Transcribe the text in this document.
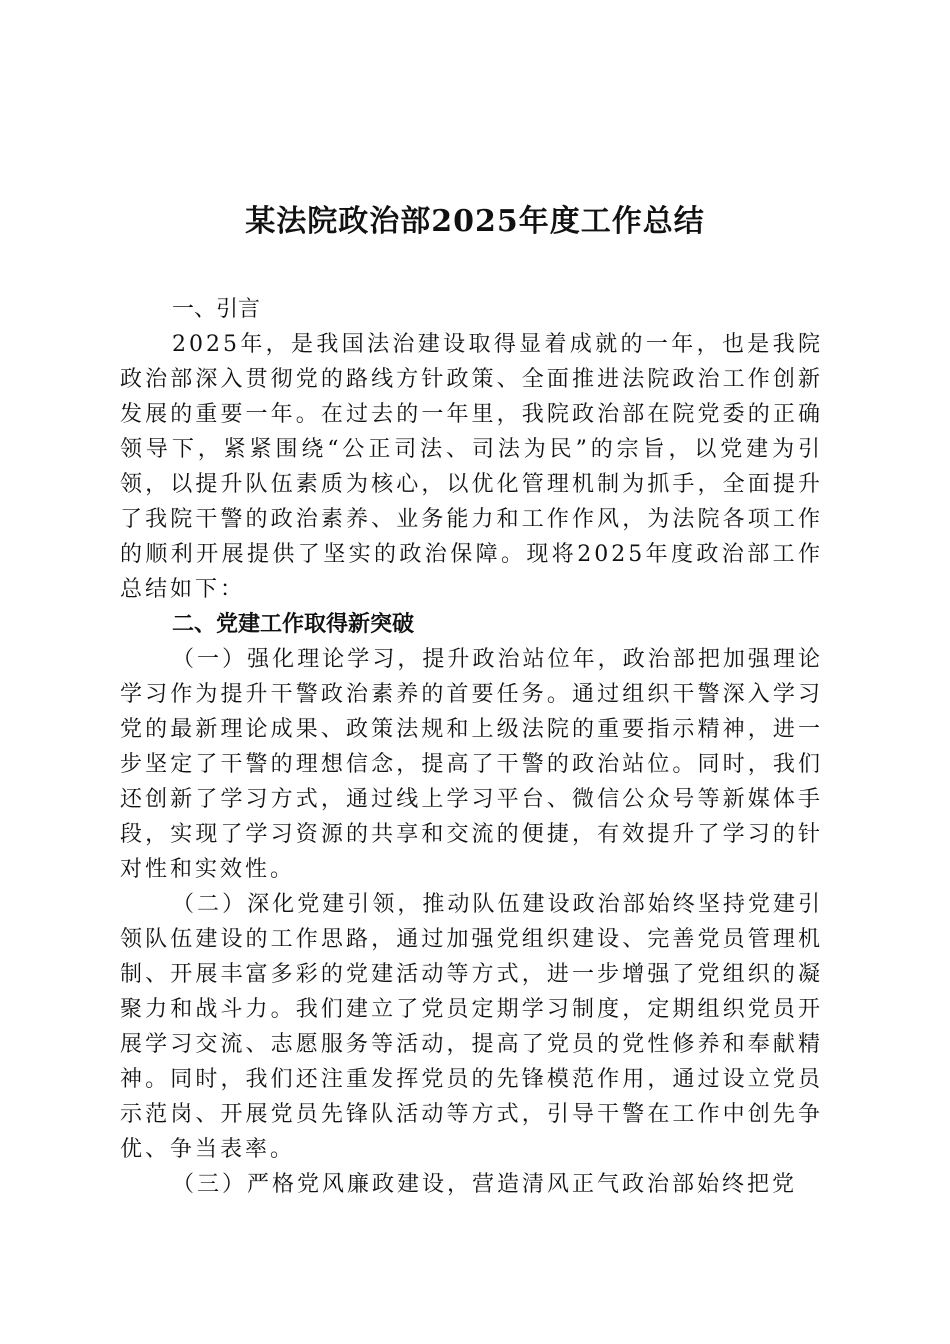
某法院政治部2025年度工作总结
一、引言

2025年，是我国法治建设取得显着成就的一年，也是我院政治部深入贯彻党的路线方针政策、全面推进法院政治工作创新发展的重要一年。在过去的一年里，我院政治部在院党委的正确领导下，紧紧围绕“公正司法、司法为民”的宗旨，以党建为引领，以提升队伍素质为核心，以优化管理机制为抓手，全面提升了我院干警的政治素养、业务能力和工作作风，为法院各项工作的顺利开展提供了坚实的政治保障。现将2025年度政治部工作总结如下：

二、党建工作取得新突破

（一）强化理论学习，提升政治站位年，政治部把加强理论学习作为提升干警政治素养的首要任务。通过组织干警深入学习党的最新理论成果、政策法规和上级法院的重要指示精神，进一步坚定了干警的理想信念，提高了干警的政治站位。同时，我们还创新了学习方式，通过线上学习平台、微信公众号等新媒体手段，实现了学习资源的共享和交流的便捷，有效提升了学习的针对性和实效性。

（二）深化党建引领，推动队伍建设政治部始终坚持党建引领队伍建设的工作思路，通过加强党组织建设、完善党员管理机制、开展丰富多彩的党建活动等方式，进一步增强了党组织的凝聚力和战斗力。我们建立了党员定期学习制度，定期组织党员开展学习交流、志愿服务等活动，提高了党员的党性修养和奉献精神。同时，我们还注重发挥党员的先锋模范作用，通过设立党员示范岗、开展党员先锋队活动等方式，引导干警在工作中创先争优、争当表率。

（三）严格党风廉政建设，营造清风正气政治部始终把党
